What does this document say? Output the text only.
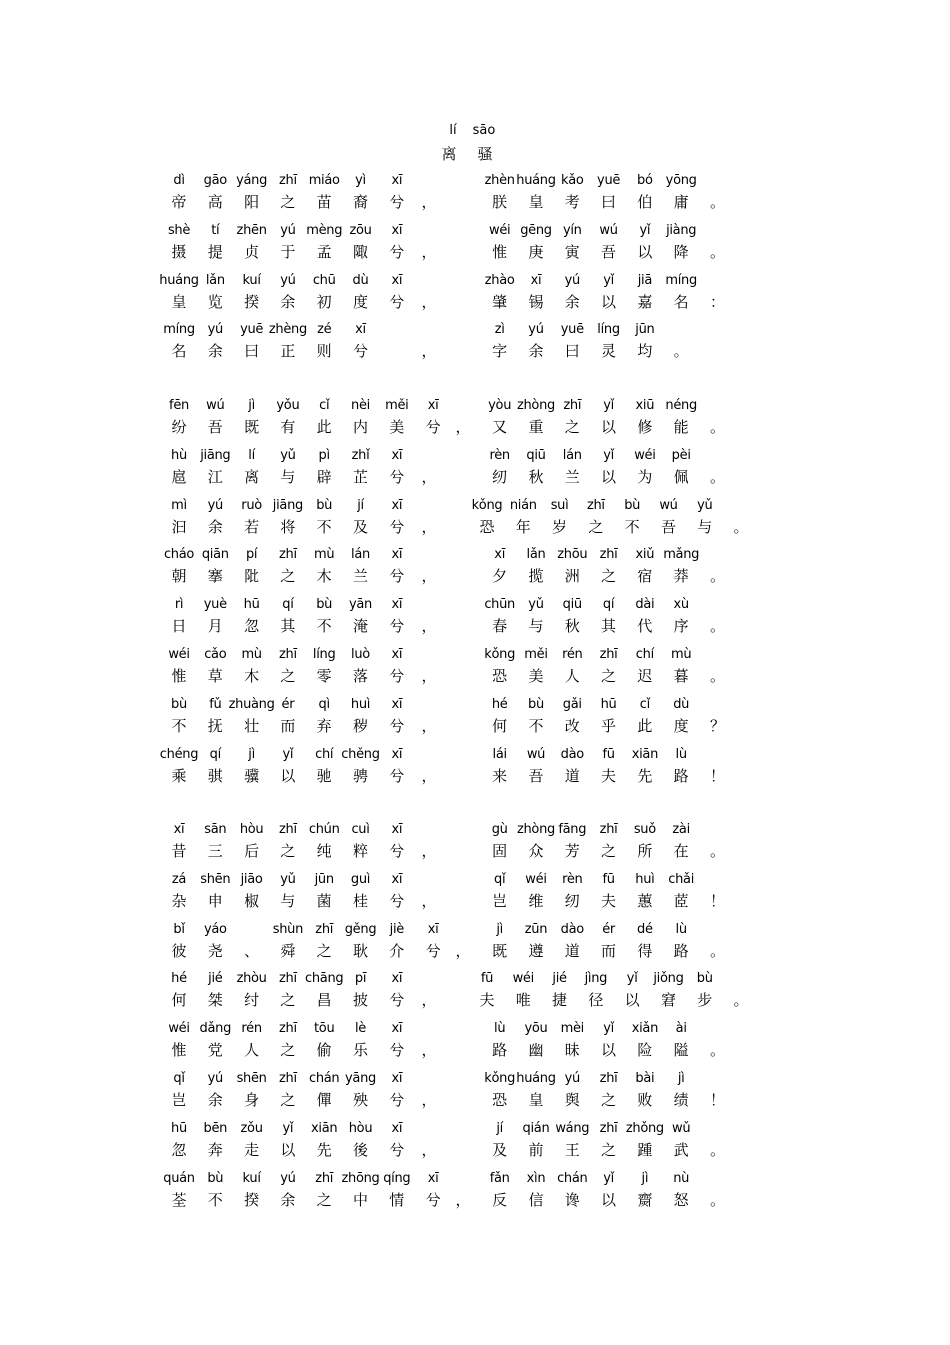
lí sāo
离 骚
dì
帝
gāo
高
yáng
阳
zhī
之
miáo
苗
yì
裔
xī
兮 ，
zhèn
朕
huáng
皇
kǎo
考
yuē
曰
bó
伯
yōng
庸 。
shè
摄
tí
提
zhēn
贞
yú
于
mèng
孟
zōu
陬
xī
兮 ，
wéi
惟
gēng
庚
yín
寅
wú
吾
yǐ
以
jiàng
降 。
huáng
皇
lǎn
览
kuí
揆
yú
余
chū
初
dù
度
xī
兮 ，
zhào
肇
xī
锡
yú
余
yǐ
以
jiā
嘉
míng
名 ：
míng
名
yú
余
yuē
曰
zhèng
正
zé
则
xī
兮	，
zì
字
yú
余
yuē
曰
líng
灵
jūn
均 。
fēn
纷
wú
吾
jì
既
yǒu
有
cǐ
此
nèi
内
měi
美
xī
兮 ，
yòu
又
zhòng
重
zhī
之
yǐ
以
xiū
修
néng
能 。
hù
扈
jiāng
江
lí
离
yǔ
与
pì
辟
zhǐ
芷
xī
兮 ，
rèn
纫
qiū
秋
lán
兰
yǐ
以
wéi
为
pèi
佩 。
mì
汩
yú
余
ruò
若
jiāng
将
bù
不
jí
及
xī
兮 ，
kǒng
恐
nián
年
suì
岁
zhī
之
bù
不
wú
吾
yǔ
与 。
cháo
朝
qiān
搴
pí
阰
zhī
之
mù
木
lán
兰
xī
兮 ，
xī
夕
lǎn
揽
zhōu
洲
zhī
之
xiǔ
宿
mǎng
莽 。
rì
日
yuè
月
hū
忽
qí
其
bù
不
yān
淹
xī
兮 ，
chūn
春
yǔ
与
qiū
秋
qí
其
dài
代
xù
序 。
wéi
惟
cǎo
草
mù
木
zhī
之
líng
零
luò
落
xī
兮 ，
kǒng
恐
měi
美
rén
人
zhī
之
chí
迟
mù
暮 。
bù
不
fǔ
抚
zhuàng
壮
ér
而
qì
弃
huì
秽
xī
兮 ，
hé
何
bù
不
gǎi
改
hū
乎
cǐ
此
dù
度 ？
chéng
乘
qí
骐
jì
骥
yǐ
以
chí
驰
chěng
骋
xī
兮 ，
lái
来
wú
吾
dào
道
fū
夫
xiān
先
lù
路 ！
xī
昔
sān
三
hòu
后
zhī
之
chún
纯
cuì
粹
xī
兮 ，
gù
固
zhòng
众
fāng
芳
zhī
之
suǒ
所
zài
在 。
zá
杂
shēn
申
jiāo
椒
yǔ
与
jūn
菌
guì
桂
xī
兮 ，
qǐ
岂
wéi
维
rèn
纫
fū
夫
huì
蕙
chǎi
茝 ！
bǐ
彼
yáo
尧 、
shùn
舜
zhī
之
gěng
耿
jiè
介
xī
兮 ，
jì
既
zūn
遵
dào
道
ér
而
dé
得
lù
路 。
hé
何
jié
桀
zhòu
纣
zhī
之
chāng
昌
pī
披
xī
兮 ，
fū
夫
wéi
唯
jié
捷
jìng
径
yǐ
以
jiǒng
窘
bù
步 。
wéi
惟
dǎng
党
rén
人
zhī
之
tōu
偷
lè
乐
xī
兮 ，
lù
路
yōu
幽
mèi
昧
yǐ
以
xiǎn
险
ài
隘 。
qǐ
岂
yú
余
shēn
身
zhī
之
chán
僤
yāng
殃
xī
兮 ，
kǒng
恐
huáng
皇
yú
舆
zhī
之
bài
败
jì
绩 ！
hū
忽
bēn
奔
zǒu
走
yǐ
以
xiān
先
hòu
後
xī
兮 ，
jí
及
qián
前
wáng
王
zhī
之
zhǒng
踵
wǔ
武 。
quán
荃
bù
不
kuí
揆
yú
余
zhī
之
zhōng
中
qíng
情
xī
兮 ，
fǎn
反
xìn
信
chán
谗
yǐ
以
jì
齌
nù
怒 。
